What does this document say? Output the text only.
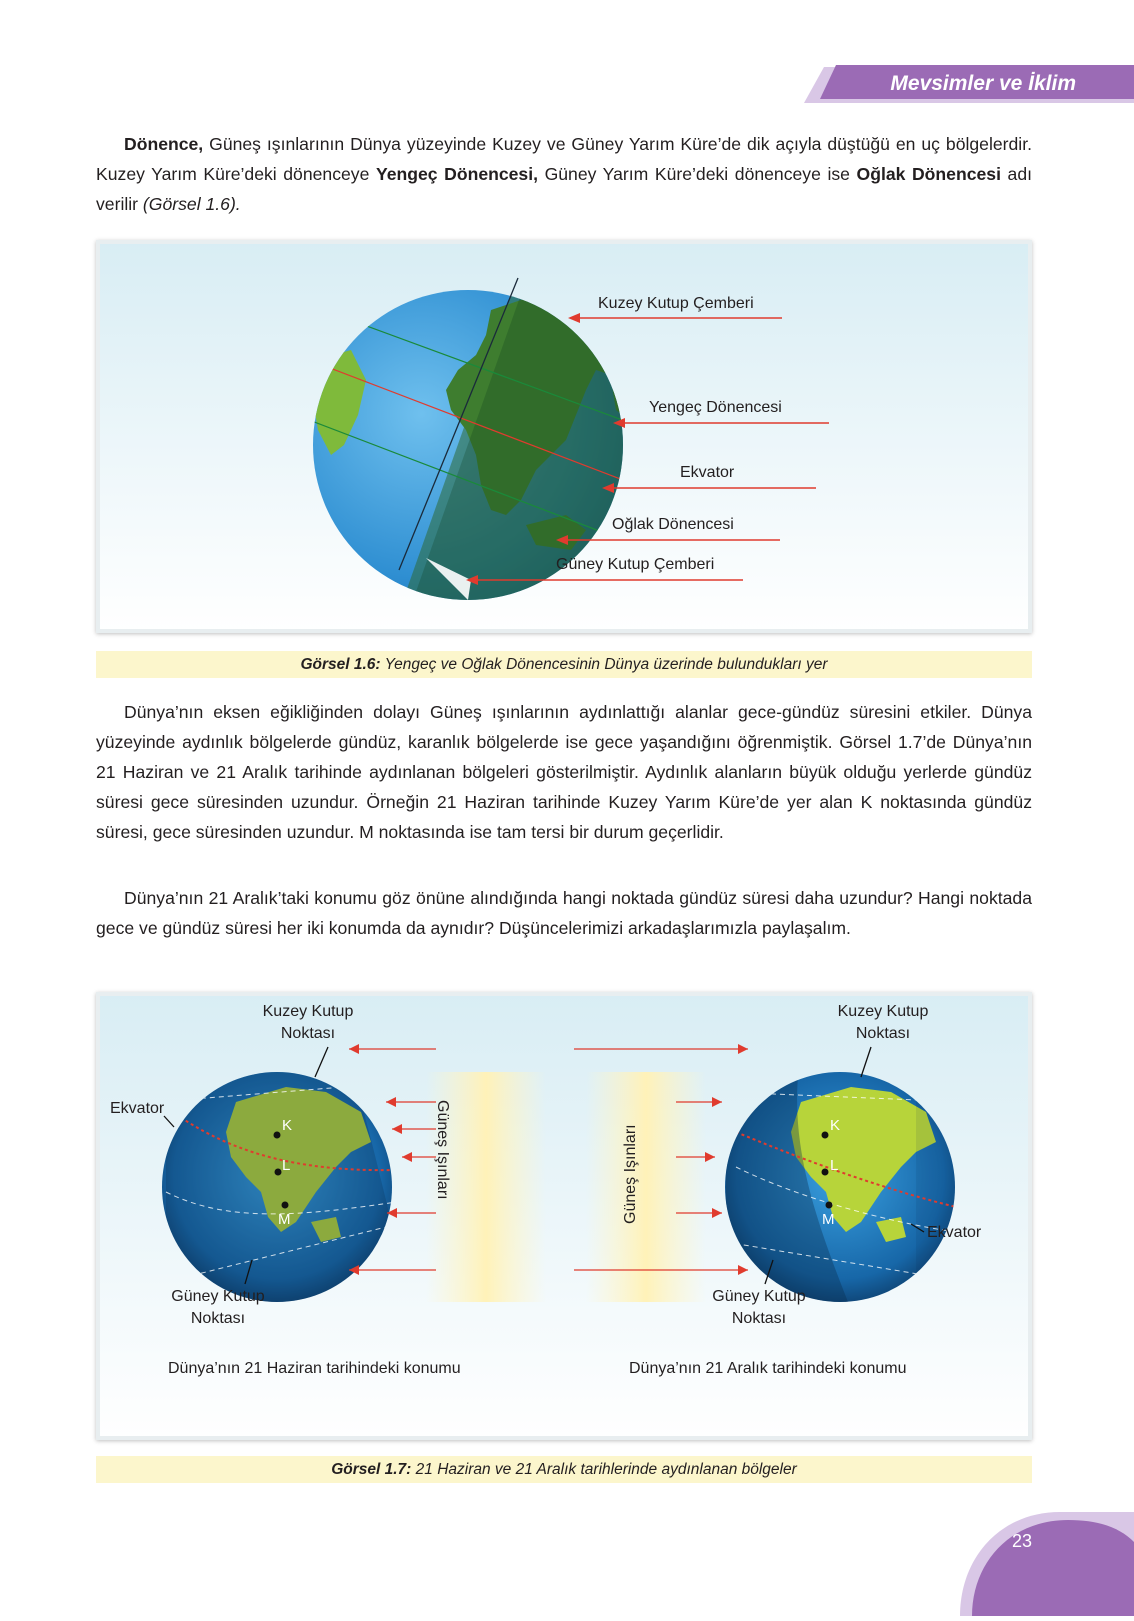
Mevsimler ve İklim

Dönence, Güneş ışınlarının Dünya yüzeyinde Kuzey ve Güney Yarım Küre’de dik açıyla düştüğü en uç bölgelerdir. Kuzey Yarım Küre’deki dönenceye Yengeç Dönencesi, Güney Yarım Küre’deki dönenceye ise Oğlak Dönencesi adı verilir (Görsel 1.6).

Kuzey Kutup Çemberi
Yengeç Dönencesi
Ekvator
Oğlak Dönencesi
Güney Kutup Çemberi
Görsel 1.6: Yengeç ve Oğlak Dönencesinin Dünya üzerinde bulundukları yer

Dünya’nın eksen eğikliğinden dolayı Güneş ışınlarının aydınlattığı alanlar gece-gündüz süresini etkiler. Dünya yüzeyinde aydınlık bölgelerde gündüz, karanlık bölgelerde ise gece yaşandığını öğrenmiştik. Görsel 1.7’de Dünya’nın 21 Haziran ve 21 Aralık tarihinde aydınlanan bölgeleri gösterilmiştir. Aydınlık alanların büyük olduğu yerlerde gündüz süresi gece süresinden uzundur. Örneğin 21 Haziran tarihinde Kuzey Yarım Küre’de yer alan K noktasında gündüz süresi, gece süresinden uzundur. M noktasında ise tam tersi bir durum geçerlidir.

Dünya’nın 21 Aralık’taki konumu göz önüne alındığında hangi noktada gündüz süresi daha uzundur? Hangi noktada gece ve gündüz süresi her iki konumda da aynıdır? Düşüncelerimizi arkadaşlarımızla paylaşalım.

K
L
M
Kuzey Kutup
Noktası
Ekvator
Güney Kutup
Noktası
Dünya’nın 21 Haziran tarihindeki konumu
Güneş Işınları	K
L
M
Kuzey Kutup
Noktası
Ekvator
Güney Kutup
Noktası
Dünya’nın 21 Aralık tarihindeki konumu
Güneş Işınları
Görsel 1.7: 21 Haziran ve 21 Aralık tarihlerinde aydınlanan bölgeler
23
